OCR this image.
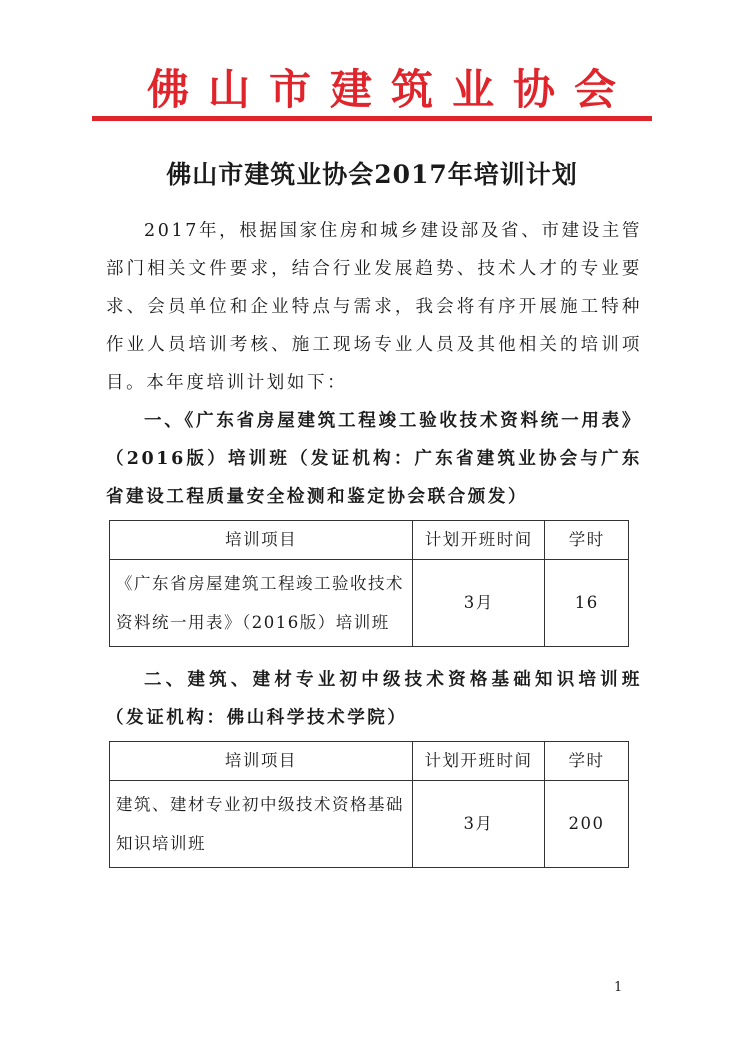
佛山市建筑业协会
佛山市建筑业协会2017年培训计划

2017年，根据国家住房和城乡建设部及省、市建设主管部门相关文件要求，结合行业发展趋势、技术人才的专业要求、会员单位和企业特点与需求，我会将有序开展施工特种作业人员培训考核、施工现场专业人员及其他相关的培训项目。本年度培训计划如下：

一、《广东省房屋建筑工程竣工验收技术资料统一用表》（2016版）培训班（发证机构：广东省建筑业协会与广东省建设工程质量安全检测和鉴定协会联合颁发）

培训项目	计划开班时间	学时
《广东省房屋建筑工程竣工验收技术资料统一用表》（2016版）培训班	3月	16

二、建筑、建材专业初中级技术资格基础知识培训班（发证机构：佛山科学技术学院）

培训项目	计划开班时间	学时
建筑、建材专业初中级技术资格基础知识培训班	3月	200
1
